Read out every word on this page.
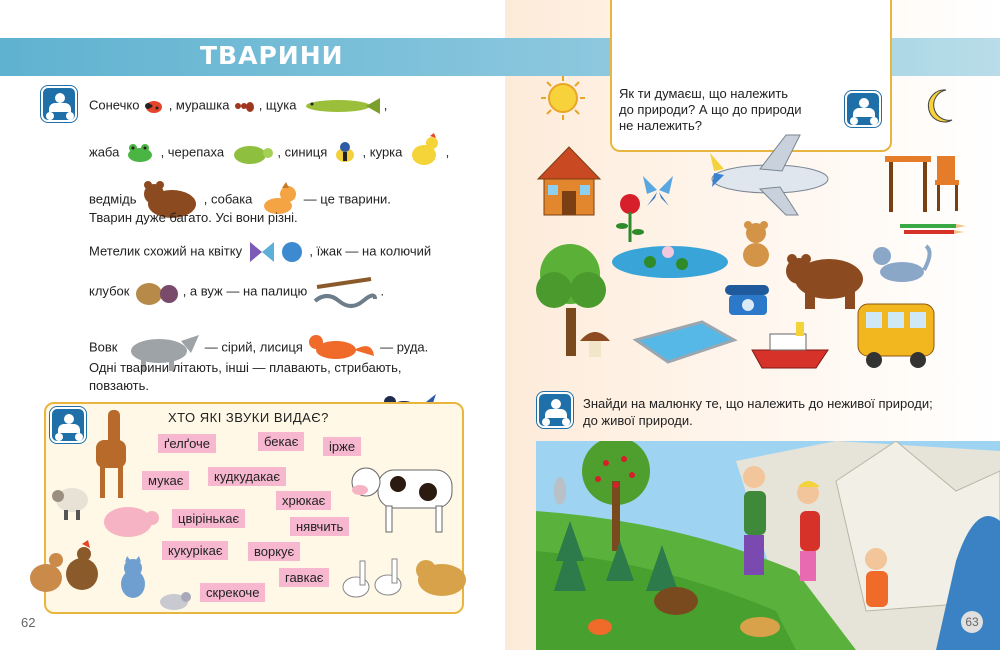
ТВАРИНИ
Сонечко , мурашка , щука	,
жаба	, черепаха	, синиця	, курка	,
ведмідь	, собака	— це тварини.
Тварин дуже багато. Усі вони різні.
Метелик схожий на квітку	, їжак — на колючий
клубок	, а вуж — на палицю	.
Вовк	— сірий, лисиця	— руда.
Одні тварини літають, інші — плавають, стрибають,
повзають.
ХТО ЯКІ ЗВУКИ ВИДАЄ?
ґелґоче	бекає	ірже
мукає	кудкудакає
хрюкає
цвірінькає
нявчить
кукурікає	воркує
гавкає
скрекоче
62
Як ти думаєш, що належить
до природи? А що до природи
не належить?
Знайди на малюнку те, що належить до неживої природи;
до живої природи.
63
